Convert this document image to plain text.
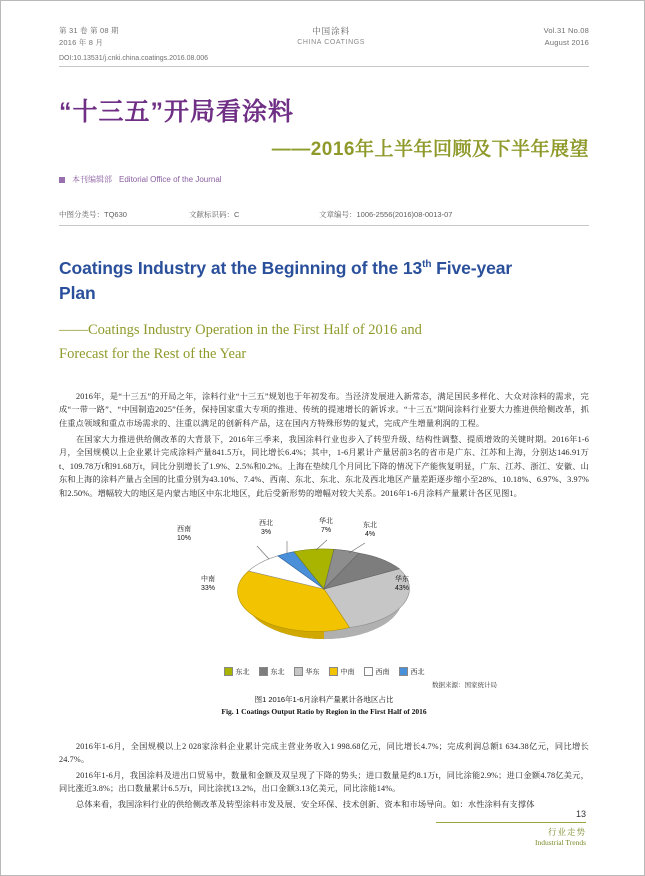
第 31 卷 第 08 期
2016 年 8 月
中国涂料
CHINA COATINGS
Vol.31 No.08
August 2016
DOI:10.13531/j.cnki.china.coatings.2016.08.006
“十三五”开局看涂料
——2016年上半年回顾及下半年展望
本刊编辑部 Editorial Office of the Journal
中图分类号：TQ630	文献标识码：C	文章编号：1006-2556(2016)08-0013-07
Coatings Industry at the Beginning of the 13th Five-year
Plan
——Coatings Industry Operation in the First Half of 2016 and
Forecast for the Rest of the Year

2016年，是“十三五”的开局之年，涂料行业“十三五”规划也于年初发布。当泾济发展进入新常态，满足国民多样化、大众对涂料的需求，完成“一带一路”、“中国制造2025”任务，保持国家重大专项的推进、传统的提速增长的新诉求。“十三五”期间涂料行业要大力推进供给侧改革，抓住重点领域和重点市场需求的、注重以满足的创新科产品，这在国内方特殊形势的复式，完成产生增量利润的工程。

在国家大力推进供给侧改革的大背景下，2016年三季来，我国涂料行业也步入了转型升级、结构性调整、提质增效的关键时期。2016年1-6月，全国规模以上企业累计完成涂料产量841.5万t，同比增长6.4%；其中，1-6月累计产量居前3名的省市是广东、江苏和上海，分别达146.91万t、109.78万t和91.68万t，同比分别增长了1.9%、2.5%和0.2%。上海在垫续几个月同比下降的情况下产能恢复明显，广东、江苏、浙江、安徽、山东和上海的涂料产量占全国的比重分别为43.10%、7.4%、西南、东北、东北、东北及西北地区产量差距逐步缩小至28%、10.18%、6.97%、3.97%和2.50%。增幅较大的地区是内蒙古地区中东北地区，此后受新形势的增幅对较大关系。2016年1-6月涂料产量累计各区见图1。

西南
10%
西北
3%
华北
7%
东北
4%
中南
33%
华东
43%
东北	东北	华东	中南	西南	西北
数据来源：国家统计局
图1 2016年1-6月涂料产量累计各地区占比
Fig. 1 Coatings Output Ratio by Region in the First Half of 2016

2016年1-6月，全国规模以上2 028家涂料企业累计完成主营业务收入1 998.68亿元，同比增长4.7%；完成利润总额1 634.38亿元，同比增长24.7%。

2016年1-6月，我国涂料及进出口贸易中，数量和金额及双呈现了下降的势头；进口数量是约8.1万t，同比涂能2.9%；进口金额4.78亿美元，同比涨近3.8%；出口数量累计6.5万t，同比涂扰13.2%，出口金额3.13亿美元，同比涂能14%。

总体来看，我国涂料行业的供给侧改革及转型涂料市发及展、安全环保、技术创新、资本和市场导向。如：水性涂料有支撑体

13
行业走势
Industrial Trends
